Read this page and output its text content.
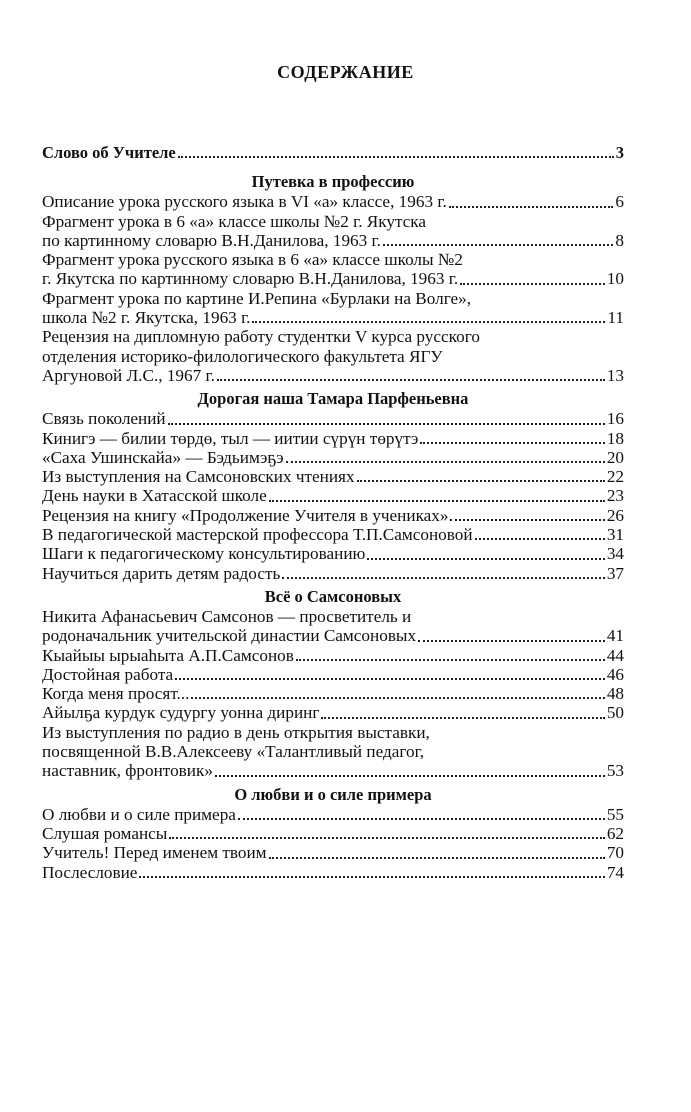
СОДЕРЖАНИЕ
Слово об Учителе	3
Путевка в профессию
Описание урока русского языка в VI «а» классе, 1963 г.	6
Фрагмент урока в 6 «а» классе школы №2 г. Якутска
по картинному словарю В.Н.Данилова, 1963 г.	8
Фрагмент урока русского языка в 6 «а» классе школы №2
г. Якутска по картинному словарю В.Н.Данилова, 1963 г.	10
Фрагмент урока по картине И.Репина «Бурлаки на Волге»,
школа №2 г. Якутска, 1963 г.	11
Рецензия на дипломную работу студентки V курса русского
отделения историко-филологического факультета ЯГУ
Аргуновой Л.С., 1967 г.	13
Дорогая наша Тамара Парфеньевна
Связь поколений	16
Кинигэ — билии төрдө, тыл — иитии сүрүн төрүтэ	18
«Саха Ушинскайа» — Бэдьимэҕэ	20
Из выступления на Самсоновских чтениях	22
День науки в Хатасской школе	23
Рецензия на книгу «Продолжение Учителя в учениках»	26
В педагогической мастерской профессора Т.П.Самсоновой	31
Шаги к педагогическому консультированию	34
Научиться дарить детям радость	37
Всё о Самсоновых
Никита Афанасьевич Самсонов — просветитель и
родоначальник учительской династии Самсоновых	41
Кыайыы ырыаһыта А.П.Самсонов	44
Достойная работа	46
Когда меня просят...	48
Айылҕа курдук судургу уонна диринг	50
Из выступления по радио в день открытия выставки,
посвященной В.В.Алексееву «Талантливый педагог,
наставник, фронтовик»	53
О любви и о силе примера
О любви и о силе примера	55
Слушая романсы	62
Учитель! Перед именем твоим	70
Послесловие	74
